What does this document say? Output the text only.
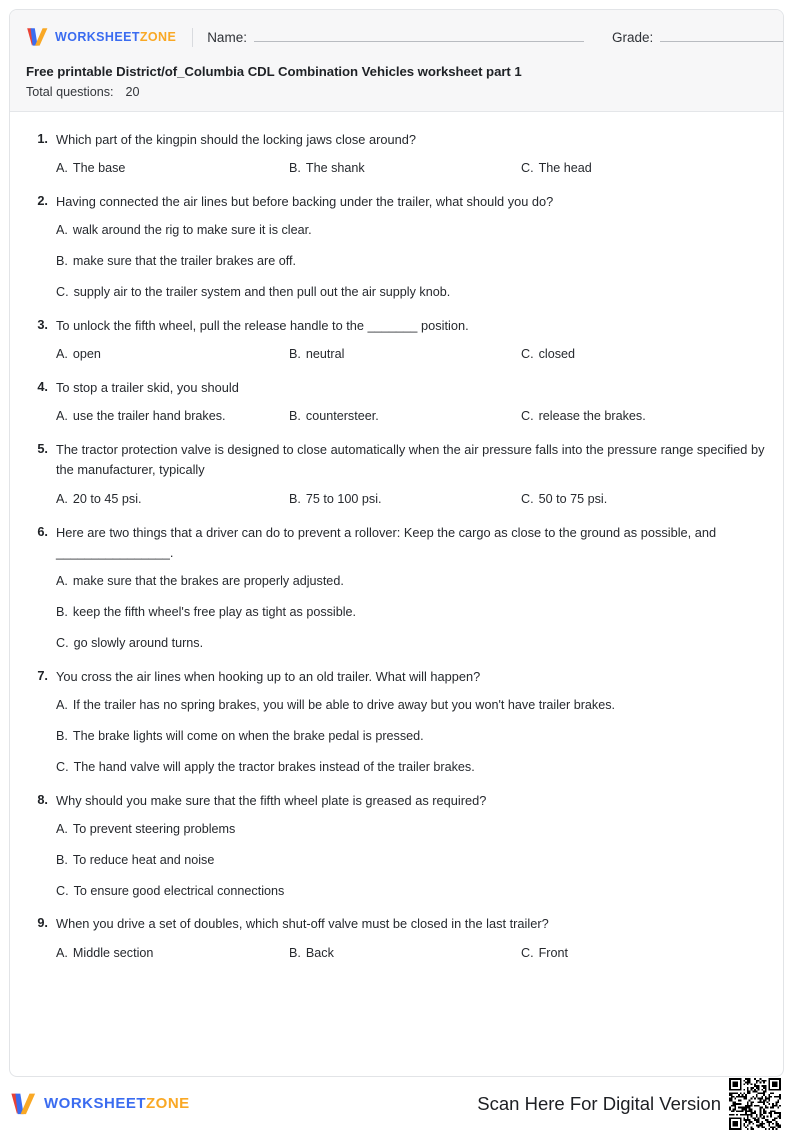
WORKSHEETZONE Name:	Grade:
Free printable District/of_Columbia CDL Combination Vehicles worksheet part 1
Total questions: 20
1. Which part of the kingpin should the locking jaws close around?
A. The base	B. The shank	C. The head
2. Having connected the air lines but before backing under the trailer, what should you do?
A. walk around the rig to make sure it is clear.
B. make sure that the trailer brakes are off.
C. supply air to the trailer system and then pull out the air supply knob.
3. To unlock the fifth wheel, pull the release handle to the _______ position.
A. open	B. neutral	C. closed
4. To stop a trailer skid, you should
A. use the trailer hand brakes.	B. countersteer.	C. release the brakes.
5. The tractor protection valve is designed to close automatically when the air pressure falls into the pressure range specified by the manufacturer, typically
A. 20 to 45 psi.	B. 75 to 100 psi.	C. 50 to 75 psi.
6. Here are two things that a driver can do to prevent a rollover: Keep the cargo as close to the ground as possible, and ________________.
A. make sure that the brakes are properly adjusted.
B. keep the fifth wheel's free play as tight as possible.
C. go slowly around turns.
7. You cross the air lines when hooking up to an old trailer. What will happen?
A. If the trailer has no spring brakes, you will be able to drive away but you won't have trailer brakes.
B. The brake lights will come on when the brake pedal is pressed.
C. The hand valve will apply the tractor brakes instead of the trailer brakes.
8. Why should you make sure that the fifth wheel plate is greased as required?
A. To prevent steering problems
B. To reduce heat and noise
C. To ensure good electrical connections
9. When you drive a set of doubles, which shut-off valve must be closed in the last trailer?
A. Middle section	B. Back	C. Front
WORKSHEETZONE	Scan Here For Digital Version
